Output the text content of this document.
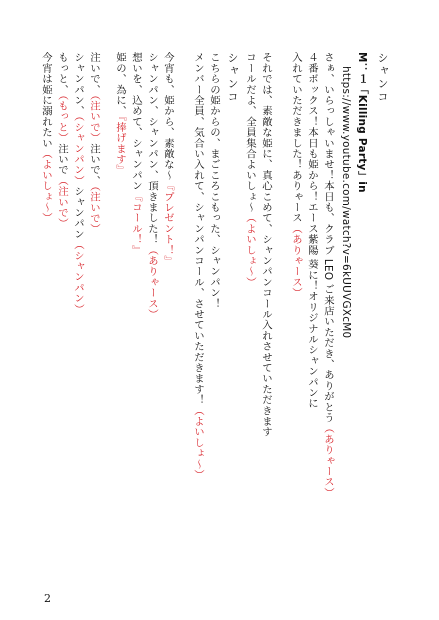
シャンコ
M：１「Killing Party」in
https://www.youtube.com/watch?v=6kUUVGXcM0
さぁ、いらっしゃいませ！本日も、クラブ LEO ご来店いただき、ありがとう（ありゃース）
４番ボックス！本日も姫から！エース紫陽 葵に！オリジナルシャンパンに
入れていただきました！ありゃース（ありゃース）
それでは、素敵な姫に、真心こめて、シャンパンコール入れさせていただきます
コールだよ、全員集合よいしょ～（よいしょ～）
シャンコ
こちらの姫からの、まごころこもった、シャンパン！
メンバー全員、気合い入れて、シャンパンコール、させていただきます！（よいしょ～）
今宵も、姫から、素敵な～『プレゼント！』
シャンパン、シャンパン、頂きました！（ありゃース）
想いを、込めて、シャンパン『コール！』
姫の、為に、『捧げます』
注いで、（注いで）注いで、（注いで）
シャンパン、（シャンパン）シャンパン（シャンパン）
もっと、（もっと）注いで（注いで）
今宵は姫に溺れたい（よいしょ～）
2
